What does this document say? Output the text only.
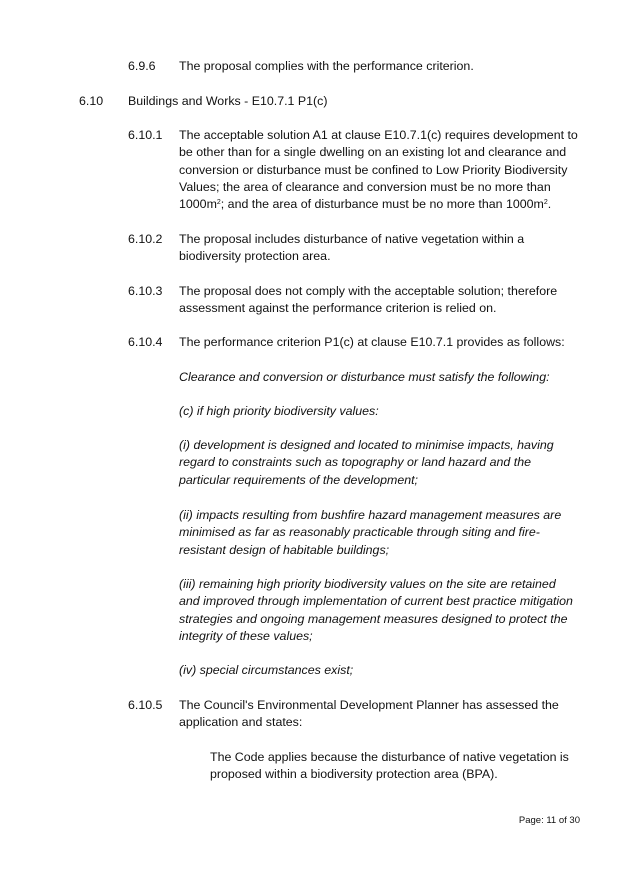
6.9.6 The proposal complies with the performance criterion.
6.10 Buildings and Works - E10.7.1 P1(c)
6.10.1 The acceptable solution A1 at clause E10.7.1(c) requires development to be other than for a single dwelling on an existing lot and clearance and conversion or disturbance must be confined to Low Priority Biodiversity Values; the area of clearance and conversion must be no more than $1000m^2$; and the area of disturbance must be no more than $1000m^2$.
6.10.2 The proposal includes disturbance of native vegetation within a biodiversity protection area.
6.10.3 The proposal does not comply with the acceptable solution; therefore assessment against the performance criterion is relied on.
6.10.4 The performance criterion P1(c) at clause E10.7.1 provides as follows:
Clearance and conversion or disturbance must satisfy the following:
(c) if high priority biodiversity values:
(i) development is designed and located to minimise impacts, having regard to constraints such as topography or land hazard and the particular requirements of the development;
(ii) impacts resulting from bushfire hazard management measures are minimised as far as reasonably practicable through siting and fire-resistant design of habitable buildings;
(iii) remaining high priority biodiversity values on the site are retained and improved through implementation of current best practice mitigation strategies and ongoing management measures designed to protect the integrity of these values;
(iv) special circumstances exist;
6.10.5 The Council's Environmental Development Planner has assessed the application and states:
The Code applies because the disturbance of native vegetation is proposed within a biodiversity protection area (BPA).
Page: 11 of 30
